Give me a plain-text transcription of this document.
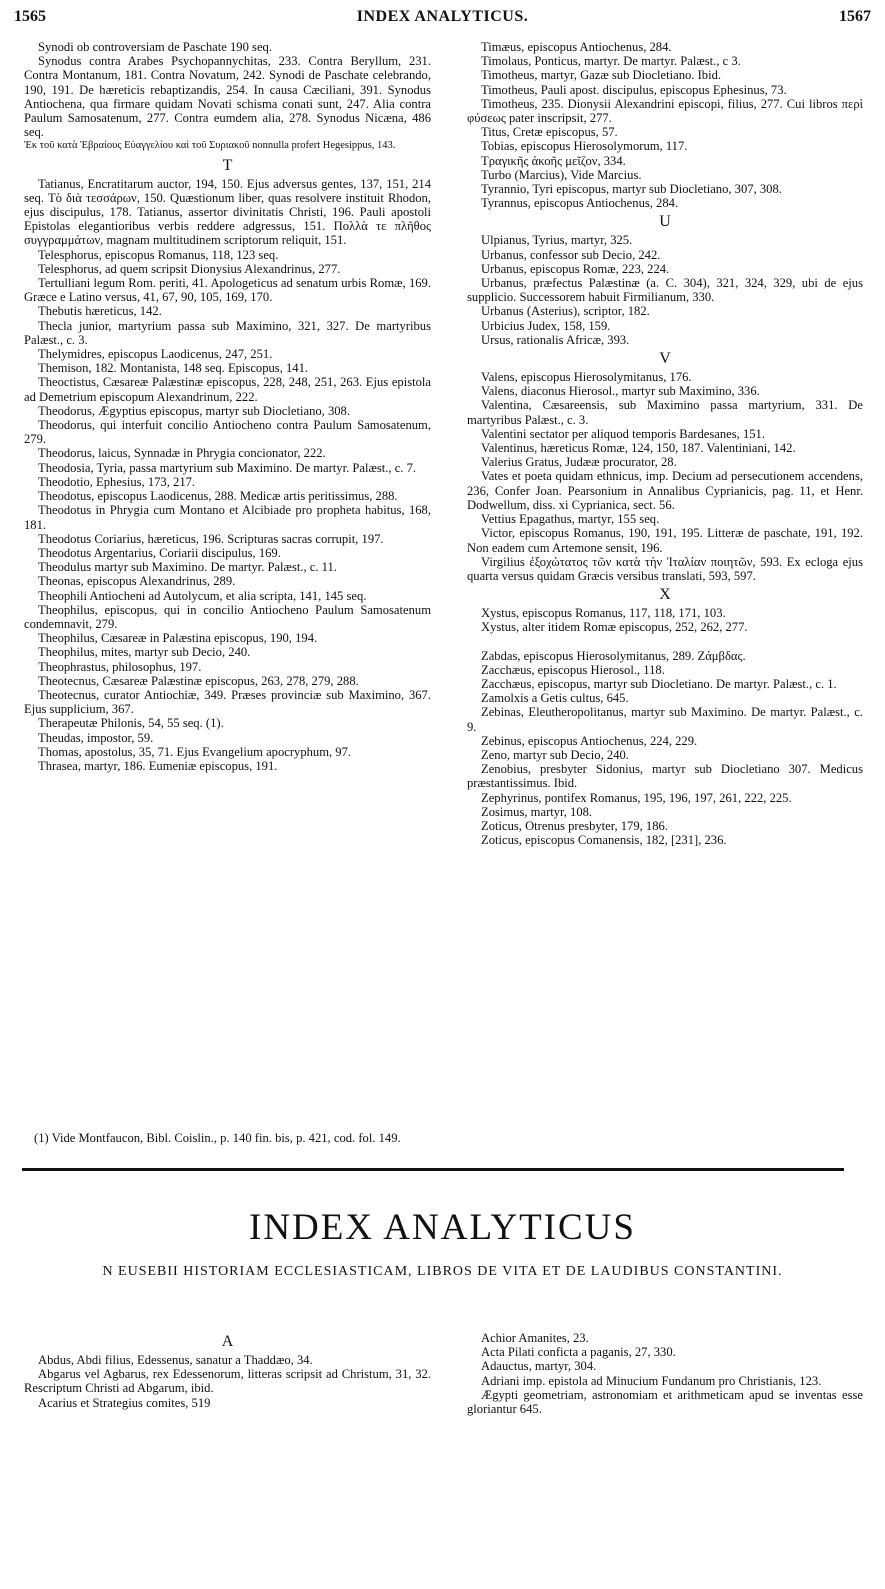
1565	INDEX ANALYTICUS.	1567

Synodi ob controversiam de Paschate 190 seq.

Synodus contra Arabes Psychopannychitas, 233. Contra Beryllum, 231. Contra Montanum, 181. Contra Novatum, 242. Synodi de Paschate celebrando, 190, 191. De hæreticis rebaptizandis, 254. In causa Cæciliani, 391. Synodus Antiochena, qua firmare quidam Novati schisma conati sunt, 247. Alia contra Paulum Samosatenum, 277. Contra eumdem alia, 278. Synodus Nicæna, 486 seq.

Ἐκ τοῦ κατὰ Ἑβραίους Εὐαγγελίου καὶ τοῦ Συριακοῦ nonnulla profert Hegesippus, 143.

T

Tatianus, Encratitarum auctor, 194, 150. Ejus adversus gentes, 137, 151, 214 seq. Τὸ διὰ τεσσάρων, 150. Quæstionum liber, quas resolvere instituit Rhodon, ejus discipulus, 178. Tatianus, assertor divinitatis Christi, 196. Pauli apostoli Epistolas elegantioribus verbis reddere adgressus, 151. Πολλὰ τε πλῆθος συγγραμμάτων, magnam multitudinem scriptorum reliquit, 151.

Telesphorus, episcopus Romanus, 118, 123 seq.

Telesphorus, ad quem scripsit Dionysius Alexandrinus, 277.

Tertulliani legum Rom. periti, 41. Apologeticus ad senatum urbis Romæ, 169. Græce e Latino versus, 41, 67, 90, 105, 169, 170.

Thebutis hæreticus, 142.

Thecla junior, martyrium passa sub Maximino, 321, 327. De martyribus Palæst., c. 3.

Thelymidres, episcopus Laodicenus, 247, 251.

Themison, 182. Montanista, 148 seq. Episcopus, 141.

Theoctistus, Cæsareæ Palæstinæ episcopus, 228, 248, 251, 263. Ejus epistola ad Demetrium episcopum Alexandrinum, 222.

Theodorus, Ægyptius episcopus, martyr sub Diocletiano, 308.

Theodorus, qui interfuit concilio Antiocheno contra Paulum Samosatenum, 279.

Theodorus, laicus, Synnadæ in Phrygia concionator, 222.

Theodosia, Tyria, passa martyrium sub Maximino. De martyr. Palæst., c. 7.

Theodotio, Ephesius, 173, 217.

Theodotus, episcopus Laodicenus, 288. Medicæ artis peritissimus, 288.

Theodotus in Phrygia cum Montano et Alcibiade pro propheta habitus, 168, 181.

Theodotus Coriarius, hæreticus, 196. Scripturas sacras corrupit, 197.

Theodotus Argentarius, Coriarii discipulus, 169.

Theodulus martyr sub Maximino. De martyr. Palæst., c. 11.

Theonas, episcopus Alexandrinus, 289.

Theophili Antiocheni ad Autolycum, et alia scripta, 141, 145 seq.

Theophilus, episcopus, qui in concilio Antiocheno Paulum Samosatenum condemnavit, 279.

Theophilus, Cæsareæ in Palæstina episcopus, 190, 194.

Theophilus, mites, martyr sub Decio, 240.

Theophrastus, philosophus, 197.

Theotecnus, Cæsareæ Palæstinæ episcopus, 263, 278, 279, 288.

Theotecnus, curator Antiochiæ, 349. Præses provinciæ sub Maximino, 367. Ejus supplicium, 367.

Therapeutæ Philonis, 54, 55 seq. (1).

Theudas, impostor, 59.

Thomas, apostolus, 35, 71. Ejus Evangelium apocryphum, 97.

Thrasea, martyr, 186. Eumeniæ episcopus, 191.

Timæus, episcopus Antiochenus, 284.

Timolaus, Ponticus, martyr. De martyr. Palæst., c 3.

Timotheus, martyr, Gazæ sub Diocletiano. Ibid.

Timotheus, Pauli apost. discipulus, episcopus Ephesinus, 73.

Timotheus, 235. Dionysii Alexandrini episcopi, filius, 277. Cui libros περὶ φύσεως pater inscripsit, 277.

Titus, Cretæ episcopus, 57.

Tobias, episcopus Hierosolymorum, 117.

Τραγικῆς ἀκοῆς μεῖζον, 334.

Turbo (Marcius), Vide Marcius.

Tyrannio, Tyri episcopus, martyr sub Diocletiano, 307, 308.

Tyrannus, episcopus Antiochenus, 284.

U

Ulpianus, Tyrius, martyr, 325.

Urbanus, confessor sub Decio, 242.

Urbanus, episcopus Romæ, 223, 224.

Urbanus, præfectus Palæstinæ (a. C. 304), 321, 324, 329, ubi de ejus supplicio. Successorem habuit Firmilianum, 330.

Urbanus (Asterius), scriptor, 182.

Urbicius Judex, 158, 159.

Ursus, rationalis Africæ, 393.

V

Valens, episcopus Hierosolymitanus, 176.

Valens, diaconus Hierosol., martyr sub Maximino, 336.

Valentina, Cæsareensis, sub Maximino passa martyrium, 331. De martyribus Palæst., c. 3.

Valentini sectator per aliquod temporis Bardesanes, 151.

Valentinus, hæreticus Romæ, 124, 150, 187. Valentiniani, 142.

Valerius Gratus, Judææ procurator, 28.

Vates et poeta quidam ethnicus, imp. Decium ad persecutionem accendens, 236, Confer Joan. Pearsonium in Annalibus Cyprianicis, pag. 11, et Henr. Dodwellum, diss. xi Cyprianica, sect. 56.

Vettius Epagathus, martyr, 155 seq.

Victor, episcopus Romanus, 190, 191, 195. Litteræ de paschate, 191, 192. Non eadem cum Artemone sensit, 196.

Virgilius ἐξοχώτατος τῶν κατὰ τὴν Ἰταλίαν ποιητῶν, 593. Ex ecloga ejus quarta versus quidam Græcis versibus translati, 593, 597.

X

Xystus, episcopus Romanus, 117, 118, 171, 103.

Xystus, alter itidem Romæ episcopus, 252, 262, 277.

Zabdas, episcopus Hierosolymitanus, 289. Ζάμβδας.

Zacchæus, episcopus Hierosol., 118.

Zacchæus, episcopus, martyr sub Diocletiano. De martyr. Palæst., c. 1.

Zamolxis a Getis cultus, 645.

Zebinas, Eleutheropolitanus, martyr sub Maximino. De martyr. Palæst., c. 9.

Zebinus, episcopus Antiochenus, 224, 229.

Zeno, martyr sub Decio, 240.

Zenobius, presbyter Sidonius, martyr sub Diocletiano 307. Medicus præstantissimus. Ibid.

Zephyrinus, pontifex Romanus, 195, 196, 197, 261, 222, 225.

Zosimus, martyr, 108.

Zoticus, Otrenus presbyter, 179, 186.

Zoticus, episcopus Comanensis, 182, [231], 236.

(1) Vide Montfaucon, Bibl. Coislin., p. 140 fin. bis, p. 421, cod. fol. 149.
INDEX ANALYTICUS
N EUSEBII HISTORIAM ECCLESIASTICAM, LIBROS DE VITA ET DE LAUDIBUS CONSTANTINI.
A

Abdus, Abdi filius, Edessenus, sanatur a Thaddæo, 34.

Abgarus vel Agbarus, rex Edessenorum, litteras scripsit ad Christum, 31, 32. Rescriptum Christi ad Abgarum, ibid.

Acarius et Strategius comites, 519

Achior Amanites, 23.

Acta Pilati conficta a paganis, 27, 330.

Adauctus, martyr, 304.

Adriani imp. epistola ad Minucium Fundanum pro Christianis, 123.

Ægypti geometriam, astronomiam et arithmeticam apud se inventas esse gloriantur 645.
